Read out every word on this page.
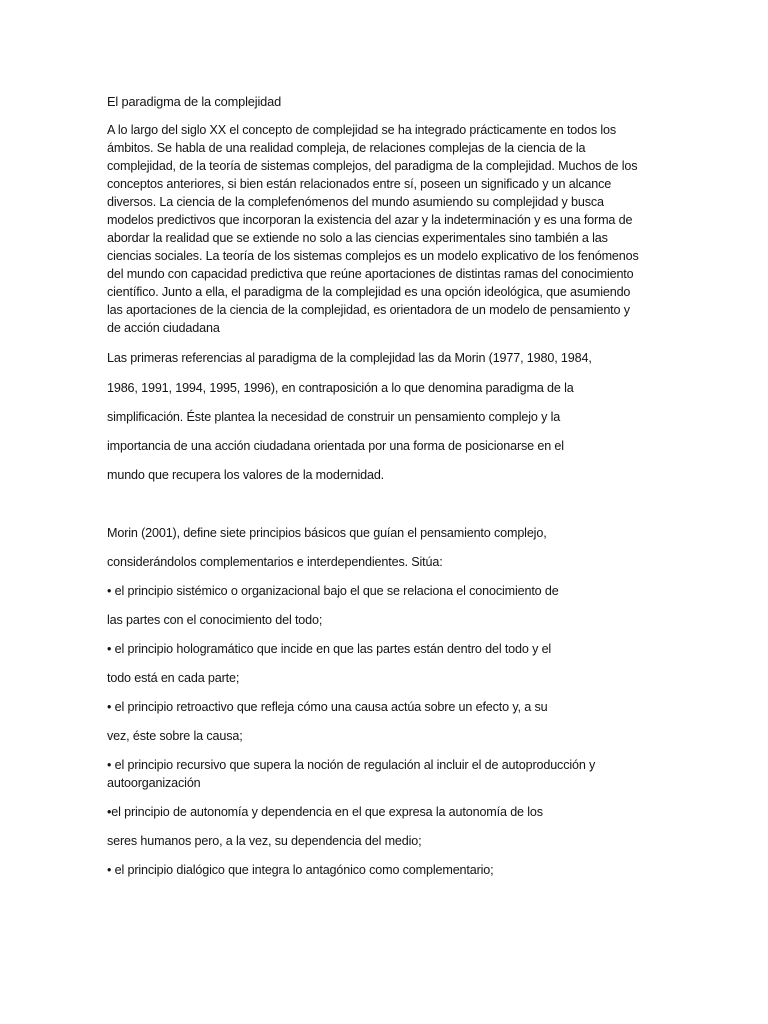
El paradigma de la complejidad
A lo largo del siglo XX el concepto de complejidad se ha integrado prácticamente en todos los
ámbitos. Se habla de una realidad compleja, de relaciones complejas de la ciencia de la
complejidad, de la teoría de sistemas complejos, del paradigma de la complejidad. Muchos de los
conceptos anteriores, si bien están relacionados entre sí, poseen un significado y un alcance
diversos. La ciencia de la complefenómenos del mundo asumiendo su complejidad y busca
modelos predictivos que incorporan la existencia del azar y la indeterminación y es una forma de
abordar la realidad que se extiende no solo a las ciencias experimentales sino también a las
ciencias sociales. La teoría de los sistemas complejos es un modelo explicativo de los fenómenos
del mundo con capacidad predictiva que reúne aportaciones de distintas ramas del conocimiento
científico. Junto a ella, el paradigma de la complejidad es una opción ideológica, que asumiendo
las aportaciones de la ciencia de la complejidad, es orientadora de un modelo de pensamiento y
de acción ciudadana
Las primeras referencias al paradigma de la complejidad las da Morin (1977, 1980, 1984,
1986, 1991, 1994, 1995, 1996), en contraposición a lo que denomina paradigma de la
simplificación. Éste plantea la necesidad de construir un pensamiento complejo y la
importancia de una acción ciudadana orientada por una forma de posicionarse en el
mundo que recupera los valores de la modernidad.
Morin (2001), define siete principios básicos que guían el pensamiento complejo,
considerándolos complementarios e interdependientes. Sitúa:
• el principio sistémico o organizacional bajo el que se relaciona el conocimiento de
las partes con el conocimiento del todo;
• el principio hologramático que incide en que las partes están dentro del todo y el
todo está en cada parte;
• el principio retroactivo que refleja cómo una causa actúa sobre un efecto y, a su
vez, éste sobre la causa;
• el principio recursivo que supera la noción de regulación al incluir el de autoproducción y
autoorganización
•el principio de autonomía y dependencia en el que expresa la autonomía de los
seres humanos pero, a la vez, su dependencia del medio;
• el principio dialógico que integra lo antagónico como complementario;
